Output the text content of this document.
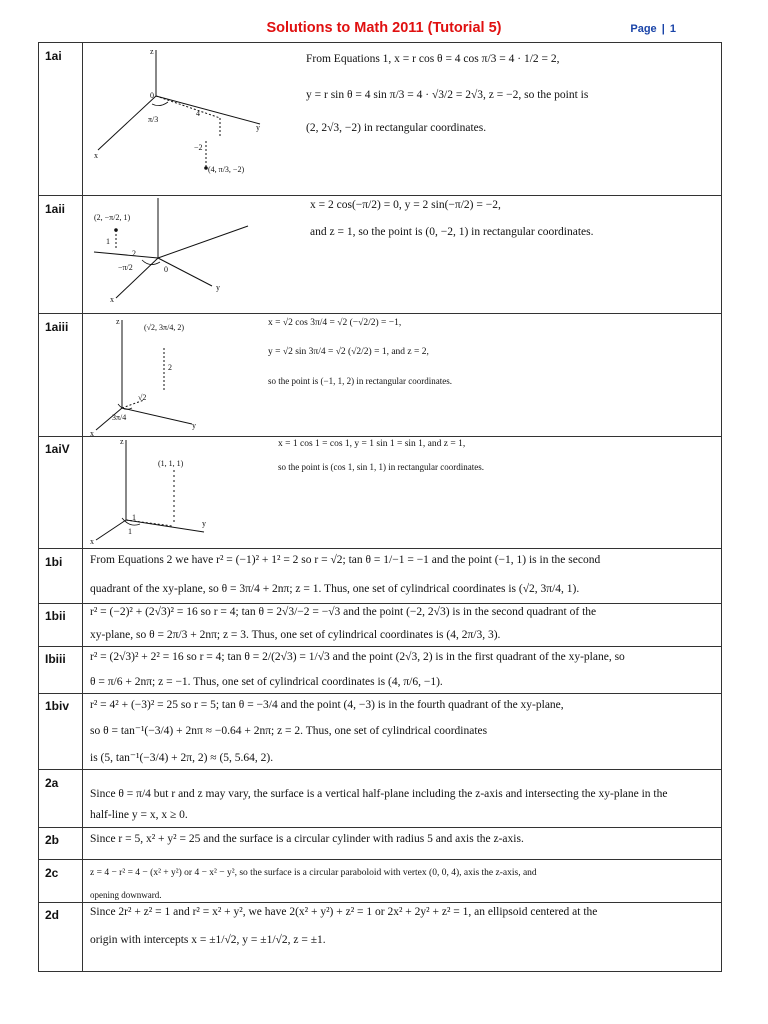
Solutions to Math 2011 (Tutorial 5)	Page | 1
1ai	z
y
x
0
π/3
4
−2
(4, π/3, −2)
From Equations 1, x = r cos θ = 4 cos π/3 = 4 · 1/2 = 2,
y = r sin θ = 4 sin π/3 = 4 · √3/2 = 2√3, z = −2, so the point is
(2, 2√3, −2) in rectangular coordinates.
1aii
(2, −π/2, 1)
1
2
−π/2	0
y
x
x = 2 cos(−π/2) = 0, y = 2 sin(−π/2) = −2,
and z = 1, so the point is (0, −2, 1) in rectangular coordinates.
1aiii	z
(√2, 3π/4, 2)
2
√2
3π/4
y
x
x = √2 cos 3π/4 = √2 (−√2/2) = −1,
y = √2 sin 3π/4 = √2 (√2/2) = 1, and z = 2,
so the point is (−1, 1, 2) in rectangular coordinates.
1aiV
z
(1, 1, 1)
1
1
y
x
x = 1 cos 1 = cos 1, y = 1 sin 1 = sin 1, and z = 1,
so the point is (cos 1, sin 1, 1) in rectangular coordinates.
1bi From Equations 2 we have r² = (−1)² + 1² = 2 so r = √2; tan θ = 1/−1 = −1 and the point (−1, 1) is in the second
quadrant of the xy-plane, so θ = 3π/4 + 2nπ; z = 1. Thus, one set of cylindrical coordinates is (√2, 3π/4, 1).
1bii r² = (−2)² + (2√3)² = 16 so r = 4; tan θ = 2√3/−2 = −√3 and the point (−2, 2√3) is in the second quadrant of the
xy-plane, so θ = 2π/3 + 2nπ; z = 3. Thus, one set of cylindrical coordinates is (4, 2π/3, 3).
Ibiii r² = (2√3)² + 2² = 16 so r = 4; tan θ = 2/(2√3) = 1/√3 and the point (2√3, 2) is in the first quadrant of the xy-plane, so
θ = π/6 + 2nπ; z = −1. Thus, one set of cylindrical coordinates is (4, π/6, −1).
1biv r² = 4² + (−3)² = 25 so r = 5; tan θ = −3/4 and the point (4, −3) is in the fourth quadrant of the xy-plane,
so θ = tan⁻¹(−3/4) + 2nπ ≈ −0.64 + 2nπ; z = 2. Thus, one set of cylindrical coordinates
is (5, tan⁻¹(−3/4) + 2π, 2) ≈ (5, 5.64, 2).
2a
Since θ = π/4 but r and z may vary, the surface is a vertical half-plane including the z-axis and intersecting the xy-plane in the
half-line y = x, x ≥ 0.
2b	Since r = 5, x² + y² = 25 and the surface is a circular cylinder with radius 5 and axis the z-axis.
2c	z = 4 − r² = 4 − (x² + y²) or 4 − x² − y², so the surface is a circular paraboloid with vertex (0, 0, 4), axis the z-axis, and
opening downward.
2d	Since 2r² + z² = 1 and r² = x² + y², we have 2(x² + y²) + z² = 1 or 2x² + 2y² + z² = 1, an ellipsoid centered at the
origin with intercepts x = ±1/√2, y = ±1/√2, z = ±1.
